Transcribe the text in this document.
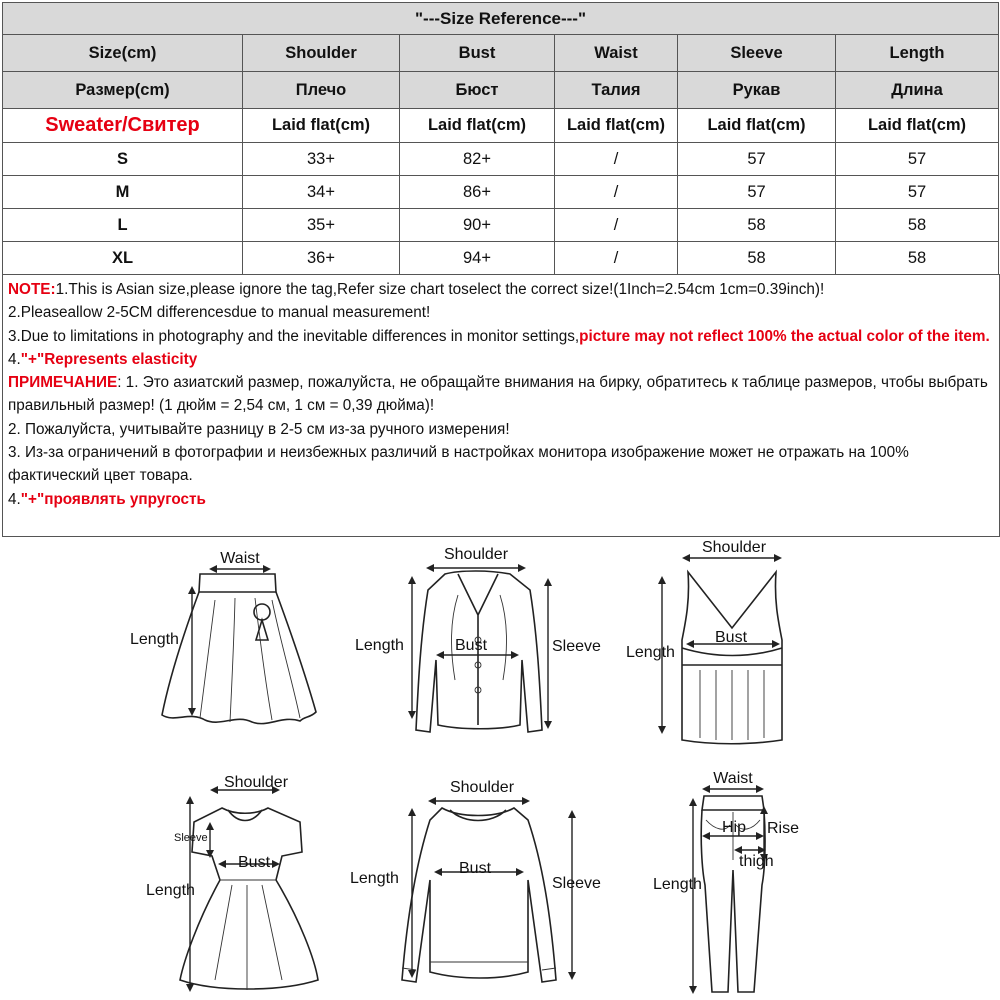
"---Size Reference---"					
Size(cm)	Shoulder	Bust	Waist	Sleeve	Length
Размер(cm)	Плечо	Бюст	Талия	Рукав	Длина
Sweater/Свитер	Laid flat(cm)	Laid flat(cm)	Laid flat(cm)	Laid flat(cm)	Laid flat(cm)
S	33+	82+	/	57	57
M	34+	86+	/	57	57
L	35+	90+	/	58	58
XL	36+	94+	/	58	58

NOTE:1.This is Asian size,please ignore the tag,Refer size chart toselect the correct size!(1Inch=2.54cm 1cm=0.39inch)!

2.Pleaseallow 2-5CM differencesdue to manual measurement!

3.Due to limitations in photography and the inevitable differences in monitor settings,picture may not reflect 100% the actual color of the item.

4."+"Represents elasticity

ПРИМЕЧАНИЕ: 1. Это азиатский размер, пожалуйста, не обращайте внимания на бирку, обратитесь к таблице размеров, чтобы выбрать правильный размер! (1 дюйм = 2,54 см, 1 см = 0,39 дюйма)!

2. Пожалуйста, учитывайте разницу в 2-5 см из-за ручного измерения!

3. Из-за ограничений в фотографии и неизбежных различий в настройках монитора изображение может не отражать на 100% фактический цвет товара.

4."+"проявлять упругость

Waist
Length
Shoulder
Length	Bust	Sleeve
Shoulder
Bust
Length
Shoulder
Sleeve
Bust
Length
Shoulder
Bust
Length	Sleeve
Waist
Hip Rise
thigh
Length
